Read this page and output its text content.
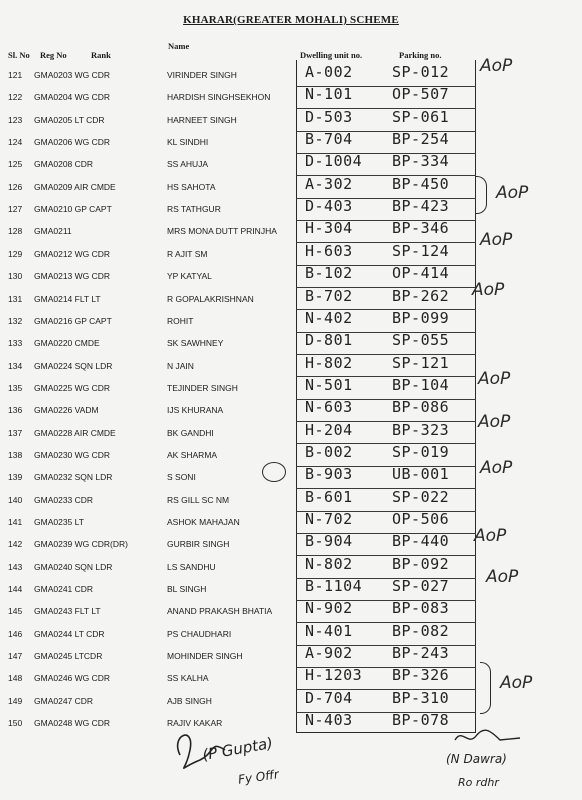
KHARAR(GREATER MOHALI) SCHEME
Sl. No Reg No	Rank
Name
Dwelling unit no.	Parking no.
121 GMA0203 WG CDR	VIRINDER SINGH	A-002	SP-012
122 GMA0204 WG CDR	HARDISH SINGHSEKHON N-101	OP-507
123 GMA0205 LT CDR	HARNEET SINGH	D-503	SP-061
124 GMA0206 WG CDR	KL SINDHI	B-704	BP-254
125 GMA0208 CDR	SS AHUJA	D-1004 BP-334
126 GMA0209 AIR CMDE	HS SAHOTA	A-302	BP-450
127 GMA0210 GP CAPT	RS TATHGUR	D-403	BP-423
128 GMA0211	MRS MONA DUTT PRINJHA H-304	BP-346
129 GMA0212 WG CDR	R AJIT SM	H-603	SP-124
130 GMA0213 WG CDR	YP KATYAL	B-102	OP-414
131 GMA0214 FLT LT	R GOPALAKRISHNAN	B-702	BP-262
132 GMA0216 GP CAPT	ROHIT	N-402	BP-099
133 GMA0220 CMDE	SK SAWHNEY	D-801	SP-055
134 GMA0224 SQN LDR	N JAIN	H-802	SP-121
135 GMA0225 WG CDR	TEJINDER SINGH	N-501	BP-104
136 GMA0226 VADM	IJS KHURANA	N-603	BP-086
137 GMA0228 AIR CMDE	BK GANDHI	H-204	BP-323
138 GMA0230 WG CDR	AK SHARMA	B-002	SP-019
139 GMA0232 SQN LDR	S SONI	B-903	UB-001
140 GMA0233 CDR	RS GILL SC NM	B-601	SP-022
141 GMA0235 LT	ASHOK MAHAJAN	N-702	OP-506
142 GMA0239 WG CDR(DR)	GURBIR SINGH	B-904	BP-440
143 GMA0240 SQN LDR	LS SANDHU	N-802	BP-092
144 GMA0241 CDR	BL SINGH	B-1104 SP-027
145 GMA0243 FLT LT	ANAND PRAKASH BHATIA N-902	BP-083
146 GMA0244 LT CDR	PS CHAUDHARI	N-401	BP-082
147 GMA0245 LTCDR	MOHINDER SINGH	A-902	BP-243
148 GMA0246 WG CDR	SS KALHA	H-1203 BP-326
149 GMA0247 CDR	AJB SINGH	D-704	BP-310
150 GMA0248 WG CDR	RAJIV KAKAR	N-403	BP-078
AoP
AoP
AoP
AoP
AoP
AoP
AoP
AoP
AoP
AoP
(P Gupta)
Fy Offr
(N Dawra)
Ro rdhr
